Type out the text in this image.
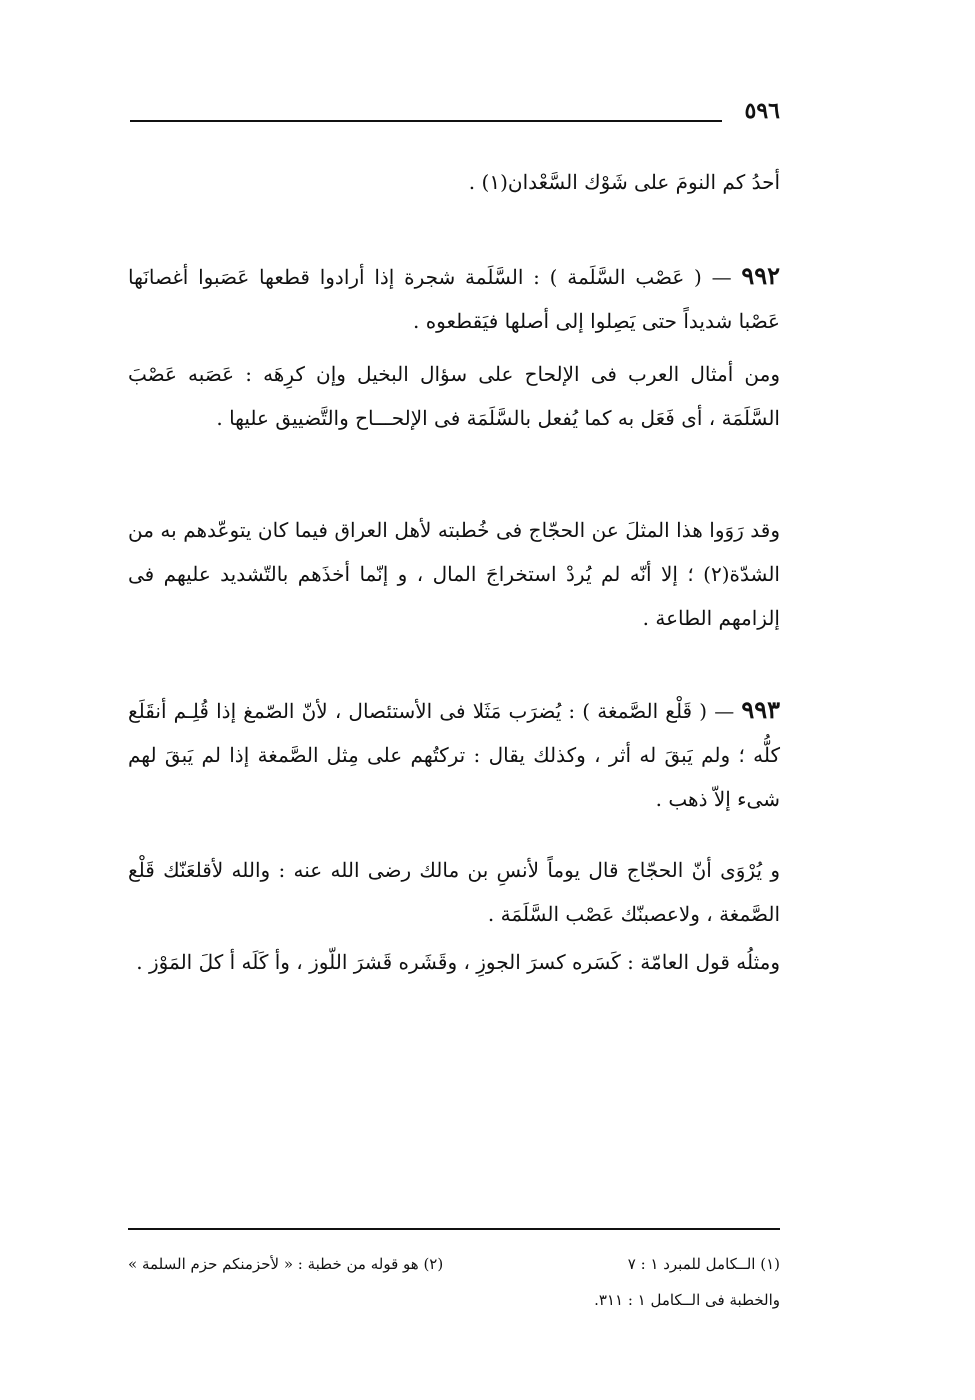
٥٩٦

أحدُ كم النومَ على شَوْك السَّعْدان(١) .

٩٩٢ — ( عَصْب السَّلَمة ) : السَّلَمة شجرة إذا أرادوا قطعها عَصَبوا أغصانَها عَصْبا شديداً حتى يَصِلوا إلى أصلها فيَقطعوه .

ومن أمثال العرب فى الإلحاح على سؤال البخيل وإن كرِهَه : عَصَبه عَصْبَ السَّلَمَة ، أى فَعَل به كما يُفعل بالسَّلَمَة فى الإلحـــاح والتَّضييق عليها .

وقد رَوَوا هذا المثلَ عن الحجّاج فى خُطبته لأهل العراق فيما كان يتوعّدهم به من الشدّة(٢) ؛ إلا أنّه لم يُردْ استخراجَ المال ، و إنّما أخذَهم بالتّشديد عليهم فى إلزامهم الطاعة .

٩٩٣ — ( قَلْع الصَّمغة ) : يُضرَب مَثَلا فى الأستئصال ، لأنّ الصّمغ إذا قُلِـم أنقَلَع كلُّه ؛ ولم يَبقَ له أثر ، وكذلك يقال : تركتُهم على مِثل الصَّمغة إذا لم يَبقَ لهم شىء إلاّ ذهب .

و يُرْوَى أنّ الحجّاج قال يوماً لأنسِ بن مالك رضى الله عنه : والله لأقلعَنّك قَلْع الصَّمغة ، ولاعصبنّك عَصْب السَّلَمَة .

ومثلُه قول العامّة : كَسَره كسرَ الجوزِ ، وقَشَره قَشرَ اللّوز ، وأ كَلَه أ كلَ المَوْز .

(١) الــكامل للمبرد ١ : ٧
(٢) هو قوله من خطبة : « لأحزمنكم حزم السلمة »
والخطبة فى الــكامل ١ : ٣١١.
